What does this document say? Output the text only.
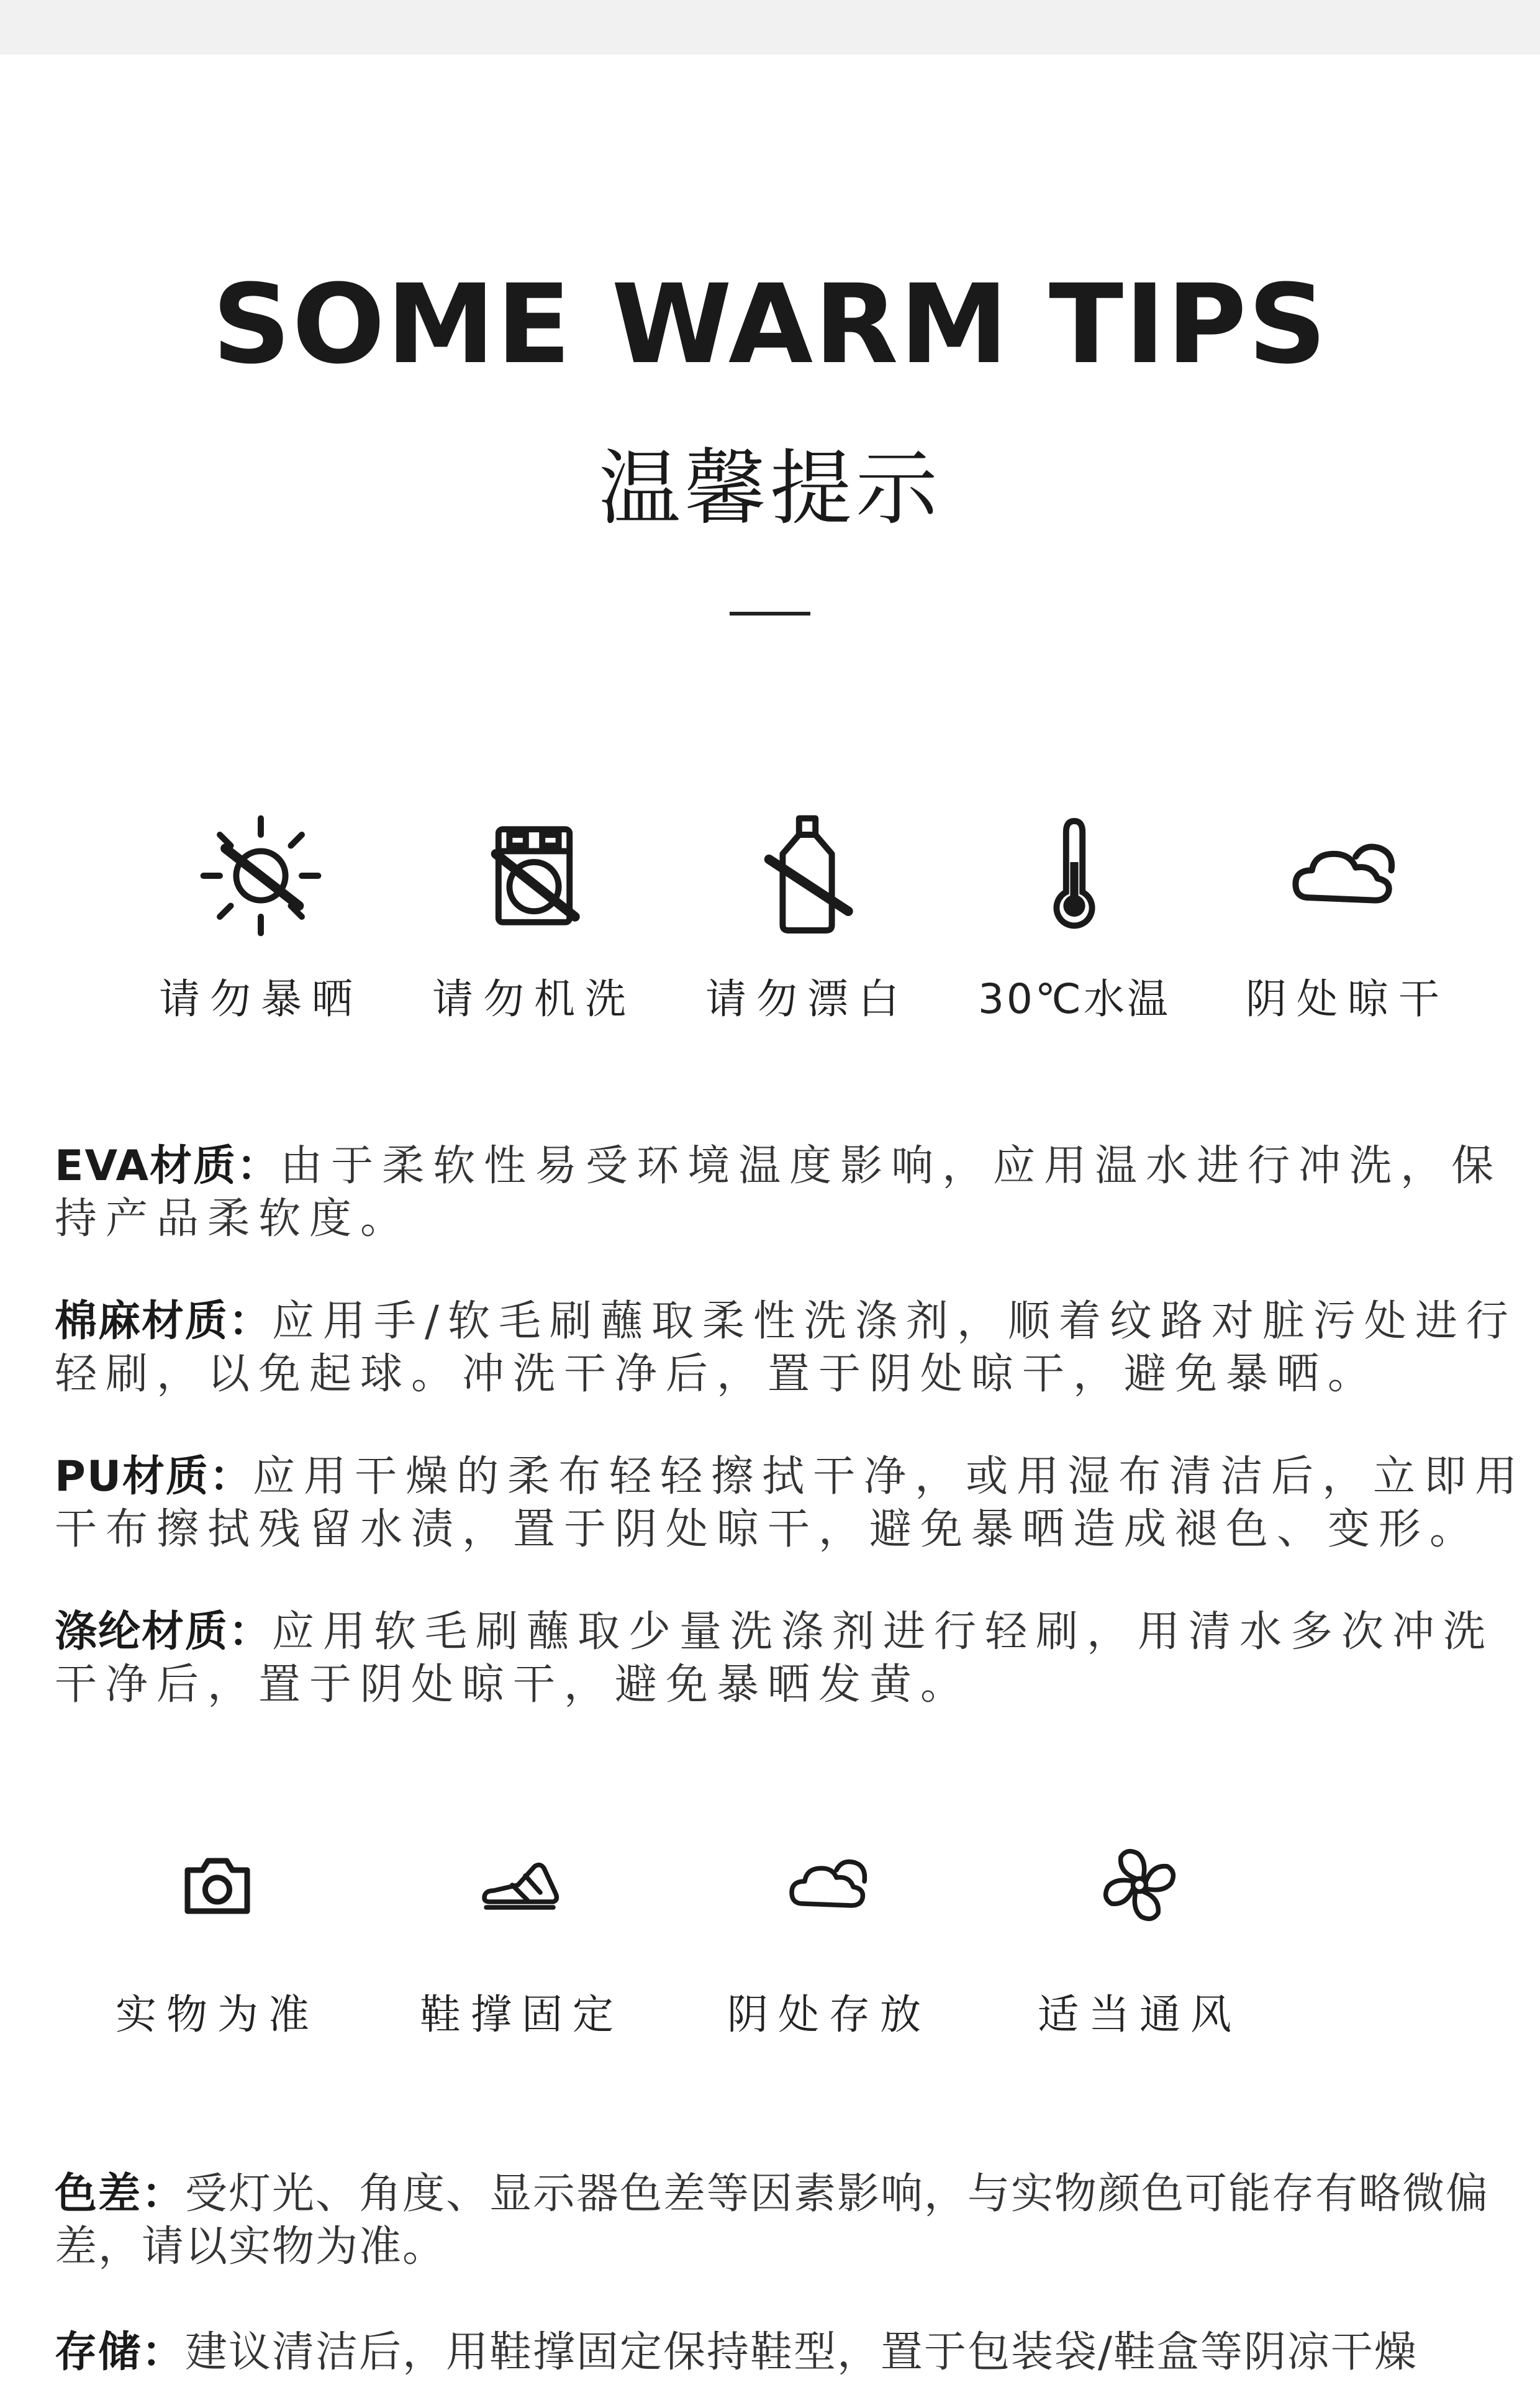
SOME WARM TIPS
温馨提示
请勿暴晒	请勿机洗	请勿漂白	30℃水温	阴处晾干
EVA材质：由于柔软性易受环境温度影响，应用温水进行冲洗，保持产品柔软度。
棉麻材质：应用手/软毛刷蘸取柔性洗涤剂，顺着纹路对脏污处进行轻刷，以免起球。冲洗干净后，置于阴处晾干，避免暴晒。
PU材质：应用干燥的柔布轻轻擦拭干净，或用湿布清洁后，立即用干布擦拭残留水渍，置于阴处晾干，避免暴晒造成褪色、变形。
涤纶材质：应用软毛刷蘸取少量洗涤剂进行轻刷，用清水多次冲洗干净后，置于阴处晾干，避免暴晒发黄。
实物为准	鞋撑固定	阴处存放	适当通风
色差：受灯光、角度、显示器色差等因素影响，与实物颜色可能存有略微偏差，请以实物为准。
存储：建议清洁后，用鞋撑固定保持鞋型，置于包装袋/鞋盒等阴凉干燥
